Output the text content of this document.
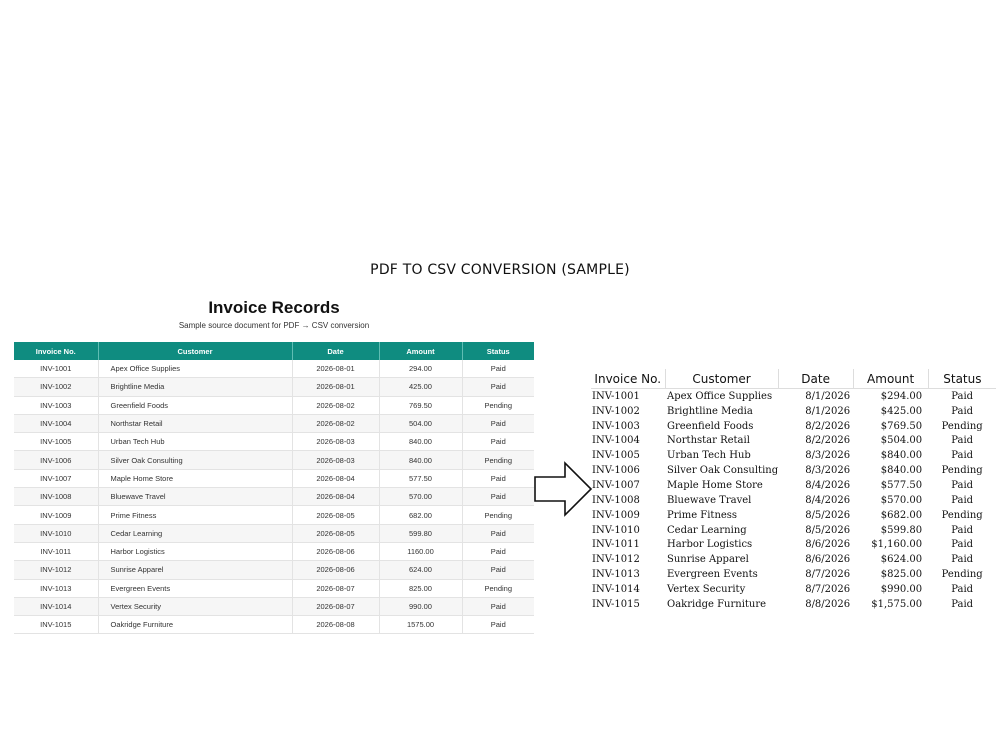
PDF TO CSV CONVERSION (SAMPLE)
Invoice Records
Sample source document for PDF → CSV conversion
Invoice No.	Customer	Date	Amount	Status
INV-1001	Apex Office Supplies	2026-08-01	294.00	Paid
INV-1002	Brightline Media	2026-08-01	425.00	Paid
INV-1003	Greenfield Foods	2026-08-02	769.50	Pending
INV-1004	Northstar Retail	2026-08-02	504.00	Paid
INV-1005	Urban Tech Hub	2026-08-03	840.00	Paid
INV-1006	Silver Oak Consulting	2026-08-03	840.00	Pending
INV-1007	Maple Home Store	2026-08-04	577.50	Paid
INV-1008	Bluewave Travel	2026-08-04	570.00	Paid
INV-1009	Prime Fitness	2026-08-05	682.00	Pending
INV-1010	Cedar Learning	2026-08-05	599.80	Paid
INV-1011	Harbor Logistics	2026-08-06	1160.00	Paid
INV-1012	Sunrise Apparel	2026-08-06	624.00	Paid
INV-1013	Evergreen Events	2026-08-07	825.00	Pending
INV-1014	Vertex Security	2026-08-07	990.00	Paid
INV-1015	Oakridge Furniture	2026-08-08	1575.00	Paid
Invoice No.	Customer	Date	Amount	Status
INV-1001	Apex Office Supplies	8/1/2026	$294.00	Paid
INV-1002	Brightline Media	8/1/2026	$425.00	Paid
INV-1003	Greenfield Foods	8/2/2026	$769.50	Pending
INV-1004	Northstar Retail	8/2/2026	$504.00	Paid
INV-1005	Urban Tech Hub	8/3/2026	$840.00	Paid
INV-1006	Silver Oak Consulting	8/3/2026	$840.00	Pending
INV-1007	Maple Home Store	8/4/2026	$577.50	Paid
INV-1008	Bluewave Travel	8/4/2026	$570.00	Paid
INV-1009	Prime Fitness	8/5/2026	$682.00	Pending
INV-1010	Cedar Learning	8/5/2026	$599.80	Paid
INV-1011	Harbor Logistics	8/6/2026	$1,160.00	Paid
INV-1012	Sunrise Apparel	8/6/2026	$624.00	Paid
INV-1013	Evergreen Events	8/7/2026	$825.00	Pending
INV-1014	Vertex Security	8/7/2026	$990.00	Paid
INV-1015	Oakridge Furniture	8/8/2026	$1,575.00	Paid
